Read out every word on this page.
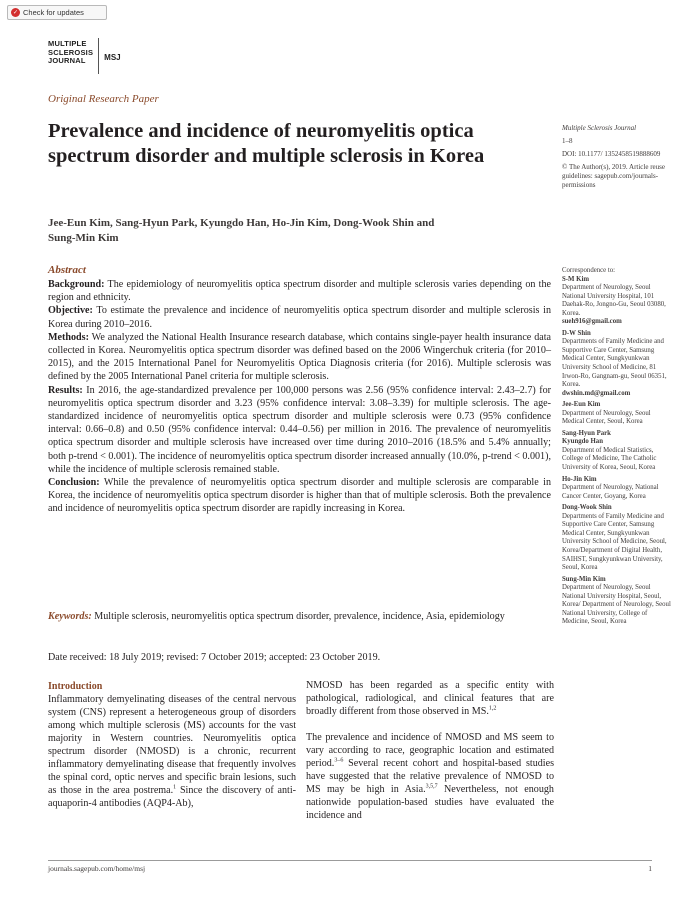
✓ Check for updates
MULTIPLE
SCLEROSIS
JOURNAL	MSJ
Original Research Paper
Prevalence and incidence of neuromyelitis optica spectrum disorder and multiple sclerosis in Korea
Jee-Eun Kim, Sang-Hyun Park, Kyungdo Han, Ho-Jin Kim, Dong-Wook Shin and Sung-Min Kim

Multiple Sclerosis Journal

1–8

DOI: 10.1177/ 1352458519888609

© The Author(s), 2019. Article reuse guidelines: sagepub.com/journals-permissions

Abstract

Background: The epidemiology of neuromyelitis optica spectrum disorder and multiple sclerosis varies depending on the region and ethnicity.

Objective: To estimate the prevalence and incidence of neuromyelitis optica spectrum disorder and multiple sclerosis in Korea during 2010–2016.

Methods: We analyzed the National Health Insurance research database, which contains single-payer health insurance data collected in Korea. Neuromyelitis optica spectrum disorder was defined based on the 2006 Wingerchuk criteria (for 2010–2015), and the 2015 International Panel for Neuromyelitis Optica Diagnosis criteria (for 2016). Multiple sclerosis was defined by the 2005 International Panel criteria for multiple sclerosis.

Results: In 2016, the age-standardized prevalence per 100,000 persons was 2.56 (95% confidence interval: 2.43–2.7) for neuromyelitis optica spectrum disorder and 3.23 (95% confidence interval: 3.08–3.39) for multiple sclerosis. The age-standardized incidence of neuromyelitis optica spectrum disorder and multiple sclerosis were 0.73 (95% confidence interval: 0.66–0.8) and 0.50 (95% confidence interval: 0.44–0.56) per million in 2016. The prevalence of neuromyelitis optica spectrum disorder and multiple sclerosis have increased over time during 2010–2016 (18.5% and 5.4% annually; both p-trend < 0.001). The incidence of neuromyelitis optica spectrum disorder increased annually (10.0%, p-trend < 0.001), while the incidence of multiple sclerosis remained stable.

Conclusion: While the prevalence of neuromyelitis optica spectrum disorder and multiple sclerosis are comparable in Korea, the incidence of neuromyelitis optica spectrum disorder is higher than that of multiple sclerosis. Both the prevalence and incidence of neuromyelitis optica spectrum disorder are rapidly increasing in Korea.

Keywords: Multiple sclerosis, neuromyelitis optica spectrum disorder, prevalence, incidence, Asia, epidemiology
Date received: 18 July 2019; revised: 7 October 2019; accepted: 23 October 2019.
Introduction

Inflammatory demyelinating diseases of the central nervous system (CNS) represent a heterogeneous group of disorders among which multiple sclerosis (MS) accounts for the vast majority in Western countries. Neuromyelitis optica spectrum disorder (NMOSD) is a chronic, recurrent inflammatory demyelinating disease that frequently involves the spinal cord, optic nerves and specific brain lesions, such as those in the area postrema.$^1$ Since the discovery of anti-aquaporin-4 antibodies (AQP4-Ab),

NMOSD has been regarded as a specific entity with pathological, radiological, and clinical features that are broadly different from those observed in MS.$^{1,2}$

The prevalence and incidence of NMOSD and MS seem to vary according to race, geographic location and estimated period.$^{3-6}$ Several recent cohort and hospital-based studies have suggested that the relative prevalence of NMOSD to MS may be high in Asia.$^{3,5,7}$ Nevertheless, not enough nationwide population-based studies have evaluated the incidence and

Correspondence to:
S-M Kim
Department of Neurology, Seoul National University Hospital, 101 Daehak-Ro, Jongno-Gu, Seoul 03080, Korea.
sueh916@gmail.com
D-W Shin
Departments of Family Medicine and Supportive Care Center, Samsung Medical Center, Sungkyunkwan University School of Medicine, 81 Irwon-Ro, Gangnam-gu, Seoul 06351, Korea.
dwshin.md@gmail.com
Jee-Eun Kim
Department of Neurology, Seoul Medical Center, Seoul, Korea
Sang-Hyun Park
Kyungdo Han
Department of Medical Statistics, College of Medicine, The Catholic University of Korea, Seoul, Korea
Ho-Jin Kim
Department of Neurology, National Cancer Center, Goyang, Korea
Dong-Wook Shin
Departments of Family Medicine and Supportive Care Center, Samsung Medical Center, Sungkyunkwan University School of Medicine, Seoul, Korea/Department of Digital Health, SAIHST, Sungkyunkwan University, Seoul, Korea
Sung-Min Kim
Department of Neurology, Seoul National University Hospital, Seoul, Korea/ Department of Neurology, Seoul National University, College of Medicine, Seoul, Korea
journals.sagepub.com/home/msj	1
